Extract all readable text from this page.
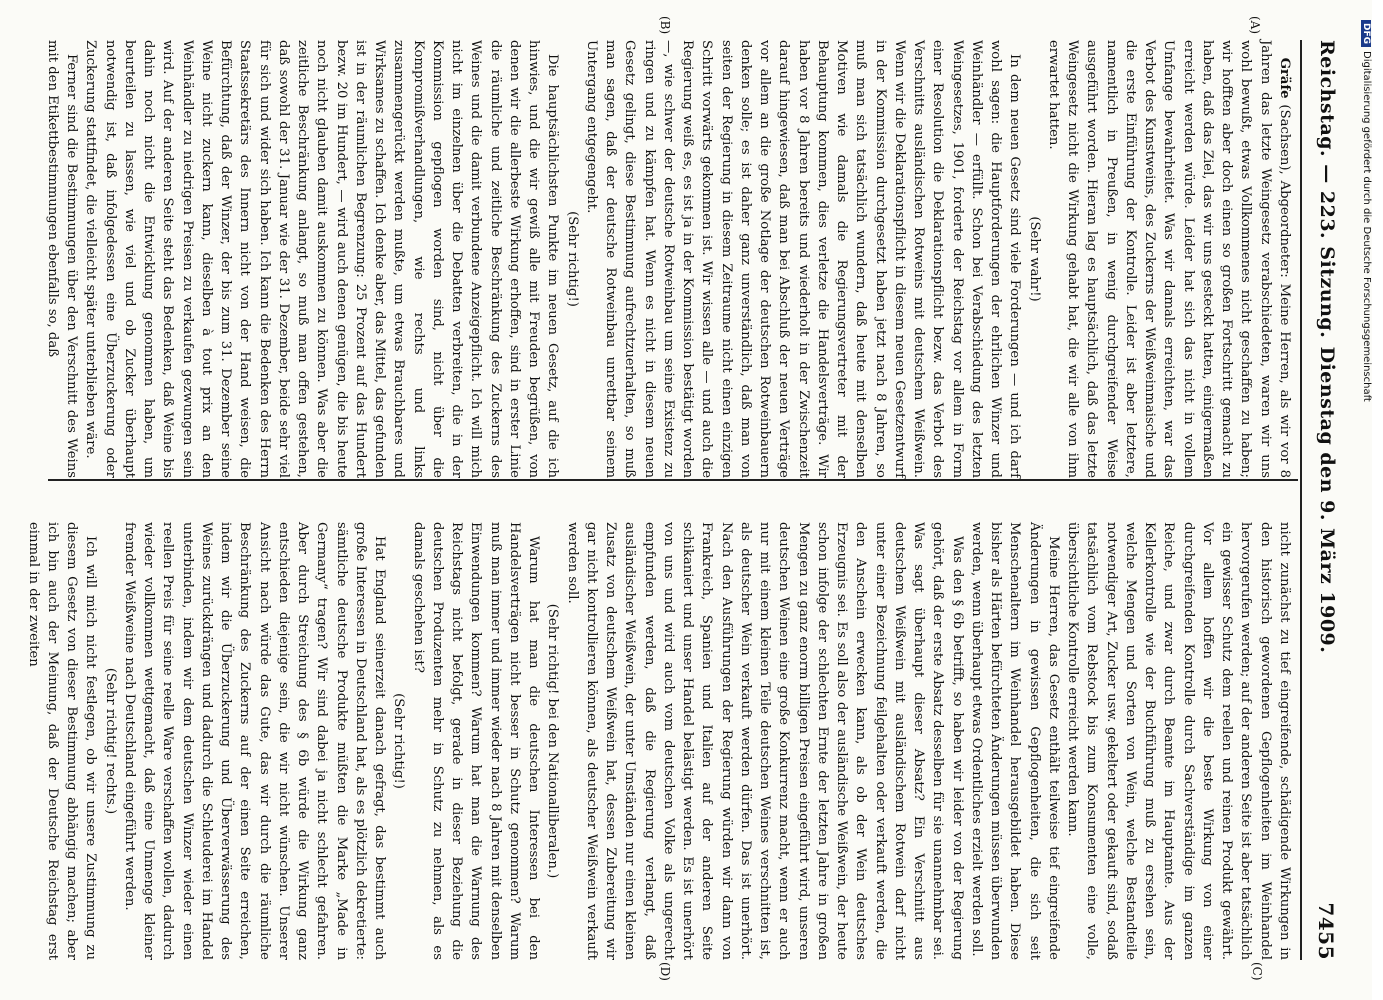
Reichstag. — 223. Sitzung.
Dienstag den 9. März 1909.
7455
(A)
(B)
(C)
(D)

Gräfe (Sachsen), Abgeordneter: Meine Herren, als wir vor 8 Jahren das letzte Weingesetz verabschiedeten, waren wir uns wohl bewußt, etwas Vollkommenes nicht geschaffen zu haben; wir hofften aber doch einen so großen Fortschritt gemacht zu haben, daß das Ziel, das wir uns gesteckt hatten, einigermaßen erreicht werden würde. Leider hat sich das nicht in vollem Umfange bewahrheitet. Was wir damals erreichten, war das Verbot des Kunstweins, des Zuckerns der Weißweinmaische und die erste Einführung der Kontrolle. Leider ist aber letztere, namentlich in Preußen, in wenig durchgreifender Weise ausgeführt worden. Hieran lag es hauptsächlich, daß das letzte Weingesetz nicht die Wirkung gehabt hat, die wir alle von ihm erwartet hatten.

(Sehr wahr!)

In dem neuen Gesetz sind viele Forderungen — und ich darf wohl sagen: die Hauptforderungen der ehrlichen Winzer und Weinhändler — erfüllt. Schon bei Verabschiedung des letzten Weingesetzes, 1901, forderte der Reichstag vor allem in Form einer Resolution die Deklarationspflicht bezw. das Verbot des Verschnitts ausländischen Rotweins mit deutschem Weißwein. Wenn wir die Deklarationspflicht in diesem neuen Gesetzentwurf in der Kommission durchgesetzt haben jetzt nach 8 Jahren, so muß man sich tatsächlich wundern, daß heute mit denselben Motiven wie damals die Regierungsvertreter mit der Behauptung kommen, dies verletze die Handelsverträge. Wir haben vor 8 Jahren bereits und wiederholt in der Zwischenzeit darauf hingewiesen, daß man bei Abschluß der neuen Verträge vor allem an die große Notlage der deutschen Rotweinbauern denken solle; es ist daher ganz unverständlich, daß man von seiten der Regierung in diesem Zeitraume nicht einen einzigen Schritt vorwärts gekommen ist. Wir wissen alle — und auch die Regierung weiß es, es ist ja in der Kommission bestätigt worden —, wie schwer der deutsche Rotweinbau um seine Existenz zu ringen und zu kämpfen hat. Wenn es nicht in diesem neuen Gesetz gelingt, diese Bestimmung aufrechtzuerhalten, so muß man sagen, daß der deutsche Rotweinbau unrettbar seinem Untergang entgegengeht.

(Sehr richtig!)

Die hauptsächlichsten Punkte im neuen Gesetz, auf die ich hinwies, und die wir gewiß alle mit Freuden begrüßen, von denen wir die allerbeste Wirkung erhoffen, sind in erster Linie die räumliche und zeitliche Beschränkung des Zuckerns des Weines und die damit verbundene Anzeigepflicht. Ich will mich nicht im einzelnen über die Debatten verbreiten, die in der Kommission gepflogen worden sind, nicht über die Kompromißverhandlungen, wie rechts und links zusammengerückt werden mußte, um etwas Brauchbares und Wirksames zu schaffen. Ich denke aber, das Mittel, das gefunden ist in der räumlichen Begrenzung: 25 Prozent auf das Hundert bezw. 20 im Hundert, — wird auch denen genügen, die bis heute noch nicht glauben damit auskommen zu können. Was aber die zeitliche Beschränkung anlangt, so muß man offen gestehen, daß sowohl der 31. Januar wie der 31. Dezember, beide sehr viel für sich und wider sich haben. Ich kann die Bedenken des Herrn Staatssekretärs des Innern nicht von der Hand weisen, die Befürchtung, daß der Winzer, der bis zum 31. Dezember seine Weine nicht zuckern kann, dieselben à tout prix an den Weinhändler zu niedrigen Preisen zu verkaufen gezwungen sein wird. Auf der anderen Seite steht das Bedenken, daß Weine bis dahin noch nicht die Entwicklung genommen haben, um beurteilen zu lassen, wie viel und ob Zucker überhaupt notwendig ist, daß infolgedessen eine Überzuckerung oder Zuckerung stattfindet, die vielleicht später unterblieben wäre.

Ferner sind die Bestimmungen über den Verschnitt des Weins mit den Etikettbestimmungen ebenfalls so, daß

nicht zunächst zu tief eingreifende, schädigende Wirkungen in den historisch gewordenen Gepflogenheiten im Weinhandel hervorgerufen werden; auf der anderen Seite ist aber tatsächlich ein gewisser Schutz dem reellen und reinen Produkt gewährt. Vor allem hoffen wir die beste Wirkung von einer durchgreifenden Kontrolle durch Sachverständige im ganzen Reiche, und zwar durch Beamte im Hauptamte. Aus der Kellerkontrolle wie der Buchführung muß zu ersehen sein, welche Mengen und Sorten von Wein, welche Bestandteile notwendiger Art, Zucker usw. gekeltert oder gekauft sind, sodaß tatsächlich vom Rebstock bis zum Konsumenten eine volle, übersichtliche Kontrolle erreicht werden kann.

Meine Herren, das Gesetz enthält teilweise tief eingreifende Änderungen in gewissen Gepflogenheiten, die sich seit Menschenaltern im Weinhandel herausgebildet haben. Diese bisher als Härten befürchteten Änderungen müssen überwunden werden, wenn überhaupt etwas Ordentliches erzielt werden soll.

Was den § 6b betrifft, so haben wir leider von der Regierung gehört, daß der erste Absatz desselben für sie unannehmbar sei. Was sagt überhaupt dieser Absatz? Ein Verschnitt aus deutschem Weißwein mit ausländischem Rotwein darf nicht unter einer Bezeichnung feilgehalten oder verkauft werden, die den Anschein erwecken kann, als ob der Wein deutsches Erzeugnis sei. Es soll also der ausländische Weißwein, der heute schon infolge der schlechten Ernte der letzten Jahre in großen Mengen zu ganz enorm billigen Preisen eingeführt wird, unseren deutschen Weinen eine große Konkurrenz macht, wenn er auch nur mit einem kleinen Teile deutschen Weines verschnitten ist, als deutscher Wein verkauft werden dürfen. Das ist unerhört. Nach den Ausführungen der Regierung würden wir dann von Frankreich, Spanien und Italien auf der anderen Seite schikaniert und unser Handel belästigt werden. Es ist unerhört von uns und wird auch vom deutschen Volke als ungerecht empfunden werden, daß die Regierung verlangt, daß ausländischer Weißwein, der unter Umständen nur einen kleinen Zusatz von deutschem Weißwein hat, dessen Zubereitung wir gar nicht kontrollieren können, als deutscher Weißwein verkauft werden soll.

(Sehr richtig! bei den Nationalliberalen.)

Warum hat man die deutschen Interessen bei den Handelsverträgen nicht besser in Schutz genommen? Warum muß man immer und immer wieder nach 8 Jahren mit denselben Einwendungen kommen? Warum hat man die Warnung des Reichstags nicht befolgt, gerade in dieser Beziehung die deutschen Produzenten mehr in Schutz zu nehmen, als es damals geschehen ist?

(Sehr richtig!)

Hat England seinerzeit danach gefragt, das bestimmt auch große Interessen in Deutschland hat, als es plötzlich dekretierte: sämtliche deutsche Produkte müßten die Marke „Made in Germany“ tragen? Wir sind dabei ja nicht schlecht gefahren. Aber durch Streichung des § 6b würde die Wirkung ganz entschieden diejenige sein, die wir nicht wünschen. Unserer Ansicht nach würde das Gute, das wir durch die räumliche Beschränkung des Zuckerns auf der einen Seite erreichen, indem wir die Überzuckerung und Überverwässerung des Weines zurückdrängen und dadurch die Schleuderei im Handel unterbinden, indem wir dem deutschen Winzer wieder einen reellen Preis für seine reelle Ware verschaffen wollen, dadurch wieder vollkommen wettgemacht, daß eine Unmenge kleiner fremder Weißweine nach Deutschland eingeführt werden.

(Sehr richtig! rechts.)

Ich will mich nicht festlegen, ob wir unsere Zustimmung zu diesem Gesetz von dieser Bestimmung abhängig machen; aber ich bin auch der Meinung, daß der Deutsche Reichstag erst einmal in der zweiten

DFGDigitalisierung gefördert durch die Deutsche Forschungsgemeinschaft
